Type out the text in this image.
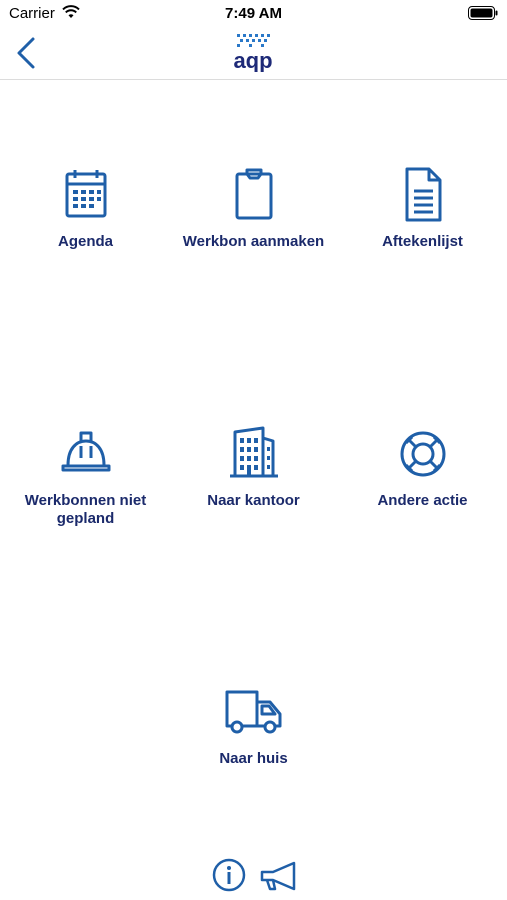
Carrier	7:49 AM
aqp
Agenda	Werkbon aanmaken	Aftekenlijst
Werkbonnen niet gepland
Naar kantoor	Andere actie
Naar huis
